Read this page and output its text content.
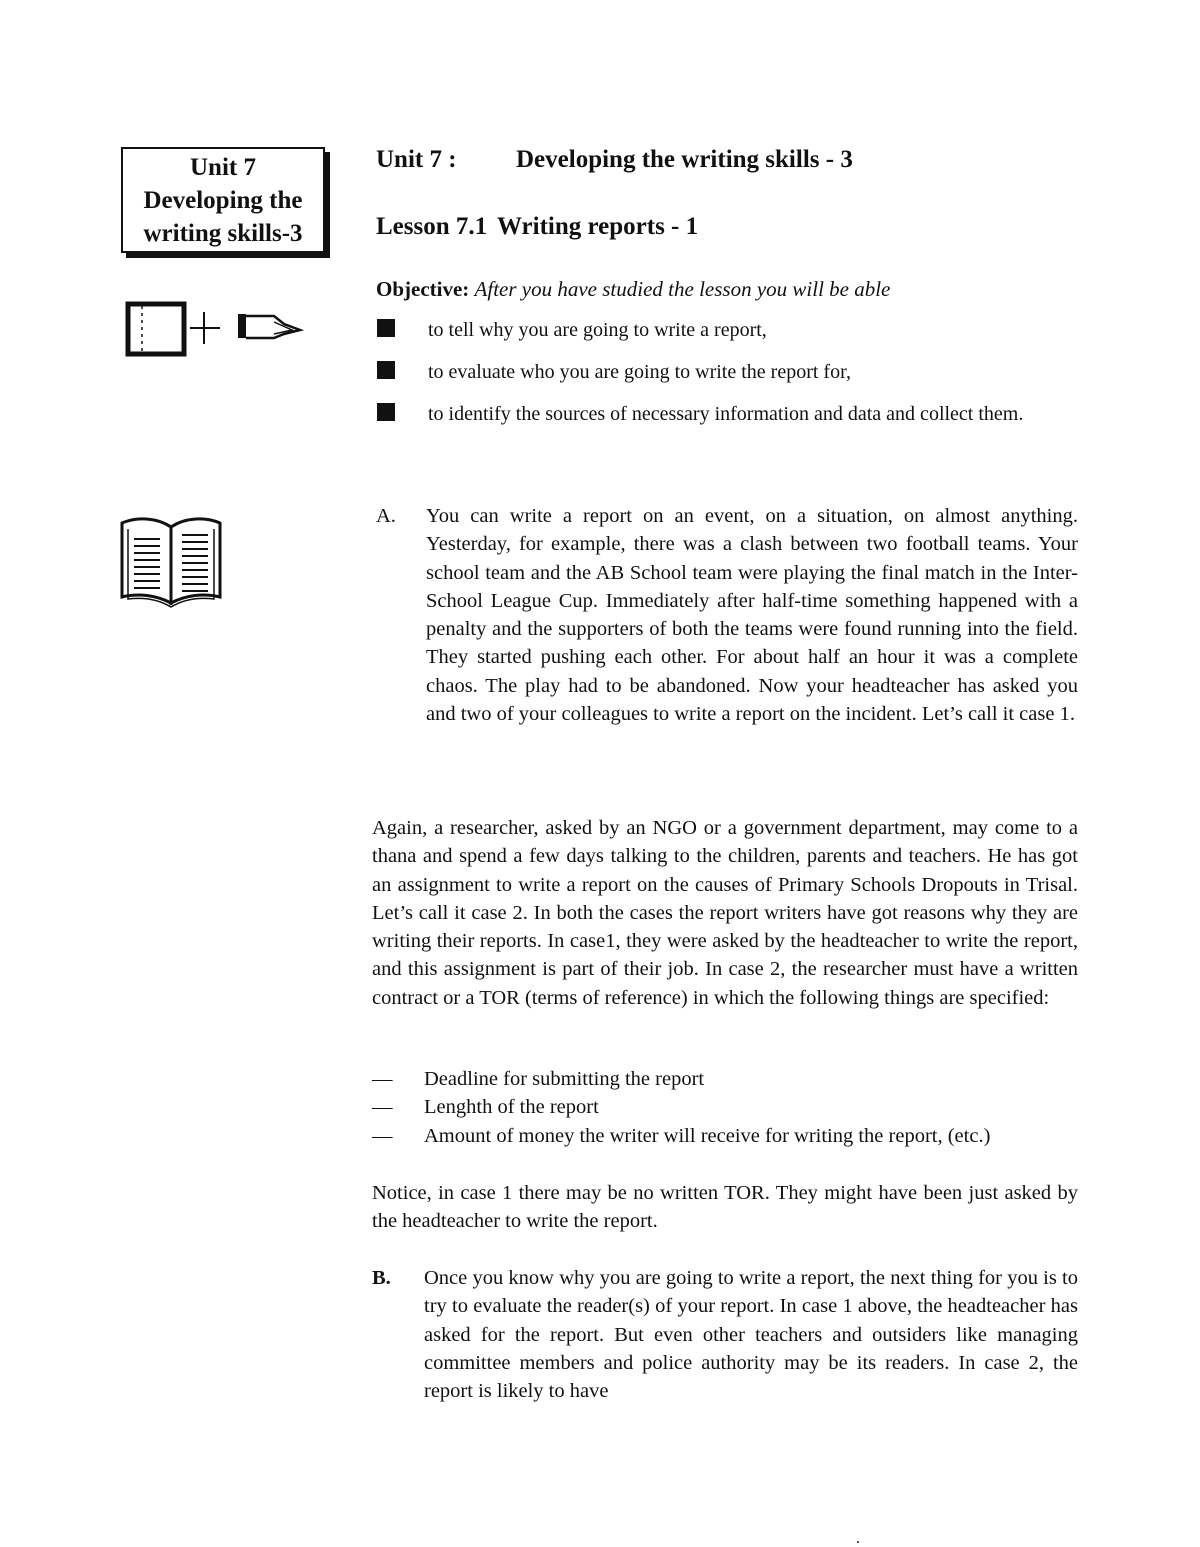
Unit 7
Developing the
writing skills-3
Unit 7 : Developing the writing skills - 3
Lesson 7.1 Writing reports - 1
Objective: After you have studied the lesson you will be able
to tell why you are going to write a report,
to evaluate who you are going to write the report for,
to identify the sources of necessary information and data and collect them.
A. You can write a report on an event, on a situation, on almost anything. Yesterday, for example, there was a clash between two football teams. Your school team and the AB School team were playing the final match in the Inter-School League Cup. Immediately after half-time something happened with a penalty and the supporters of both the teams were found running into the field. They started pushing each other. For about half an hour it was a complete chaos. The play had to be abandoned. Now your headteacher has asked you and two of your colleagues to write a report on the incident. Let’s call it case 1.
Again, a researcher, asked by an NGO or a government department, may come to a thana and spend a few days talking to the children, parents and teachers. He has got an assignment to write a report on the causes of Primary Schools Dropouts in Trisal. Let’s call it case 2. In both the cases the report writers have got reasons why they are writing their reports. In case1, they were asked by the headteacher to write the report, and this assignment is part of their job. In case 2, the researcher must have a written contract or a TOR (terms of reference) in which the following things are specified:
— Deadline for submitting the report
— Lenghth of the report
— Amount of money the writer will receive for writing the report, (etc.)
Notice, in case 1 there may be no written TOR. They might have been just asked by the headteacher to write the report.
B. Once you know why you are going to write a report, the next thing for you is to try to evaluate the reader(s) of your report. In case 1 above, the headteacher has asked for the report. But even other teachers and outsiders like managing committee members and police authority may be its readers. In case 2, the report is likely to have
